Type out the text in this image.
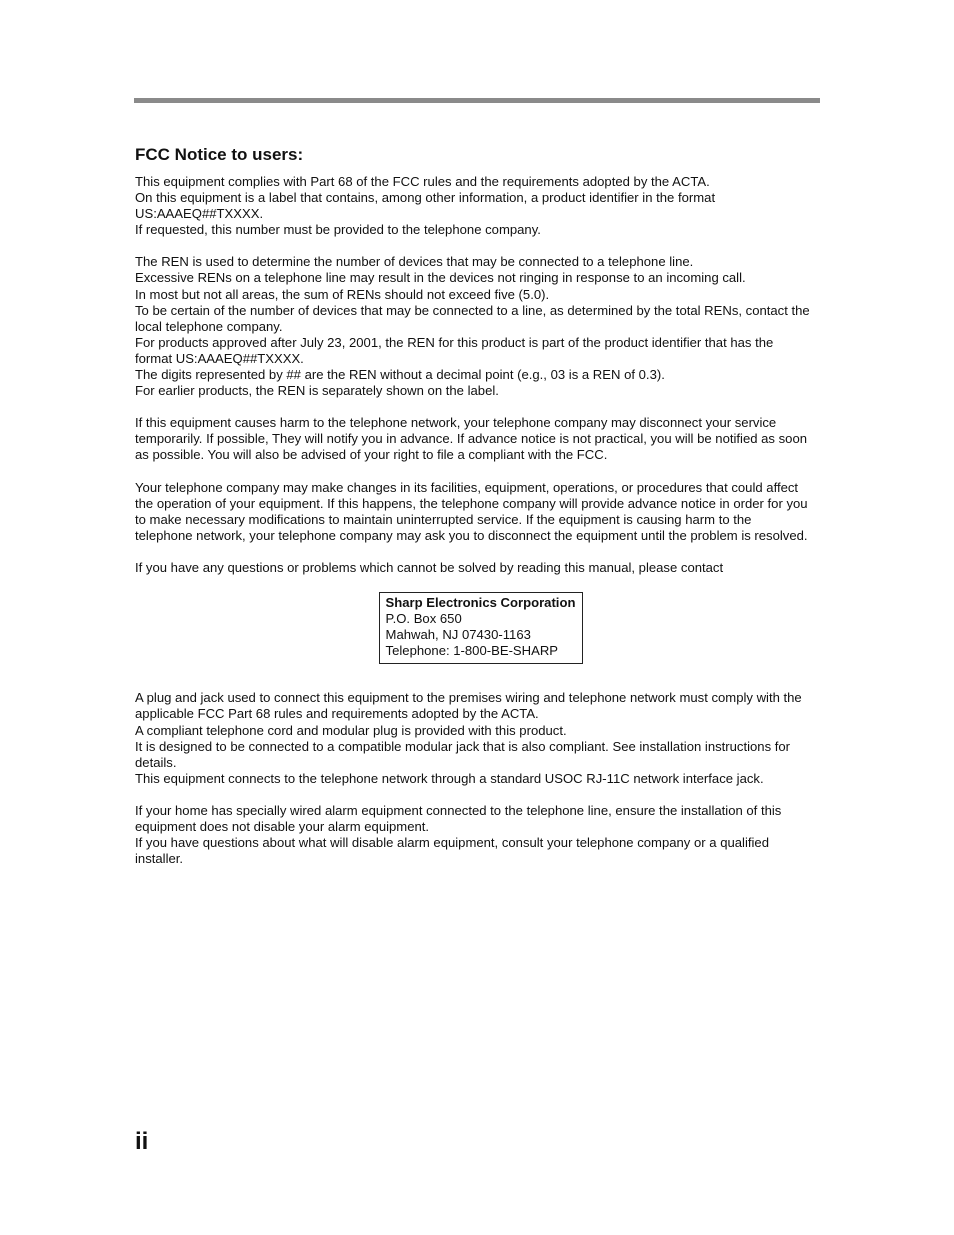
FCC Notice to users:
This equipment complies with Part 68 of the FCC rules and the requirements adopted by the ACTA.
On this equipment is a label that contains, among other information, a product identifier in the format
US:AAAEQ##TXXXX.
If requested, this number must be provided to the telephone company.
The REN is used to determine the number of devices that may be connected to a telephone line.
Excessive RENs on a telephone line may result in the devices not ringing in response to an incoming call.
In most but not all areas, the sum of RENs should not exceed five (5.0).
To be certain of the number of devices that may be connected to a line, as determined by the total RENs, contact the
local telephone company.
For products approved after July 23, 2001, the REN for this product is part of the product identifier that has the
format US:AAAEQ##TXXXX.
The digits represented by ## are the REN without a decimal point (e.g., 03 is a REN of 0.3).
For earlier products, the REN is separately shown on the label.
If this equipment causes harm to the telephone network, your telephone company may disconnect your service
temporarily. If possible, They will notify you in advance. If advance notice is not practical, you will be notified as soon
as possible. You will also be advised of your right to file a compliant with the FCC.
Your telephone company may make changes in its facilities, equipment, operations, or procedures that could affect
the operation of your equipment. If this happens, the telephone company will provide advance notice in order for you
to make necessary modifications to maintain uninterrupted service. If the equipment is causing harm to the
telephone network, your telephone company may ask you to disconnect the equipment until the problem is resolved.
If you have any questions or problems which cannot be solved by reading this manual, please contact
Sharp Electronics Corporation
P.O. Box 650
Mahwah, NJ 07430-1163
Telephone: 1-800-BE-SHARP
A plug and jack used to connect this equipment to the premises wiring and telephone network must comply with the
applicable FCC Part 68 rules and requirements adopted by the ACTA.
A compliant telephone cord and modular plug is provided with this product.
It is designed to be connected to a compatible modular jack that is also compliant. See installation instructions for
details.
This equipment connects to the telephone network through a standard USOC RJ-11C network interface jack.
If your home has specially wired alarm equipment connected to the telephone line, ensure the installation of this
equipment does not disable your alarm equipment.
If you have questions about what will disable alarm equipment, consult your telephone company or a qualified
installer.
ii
